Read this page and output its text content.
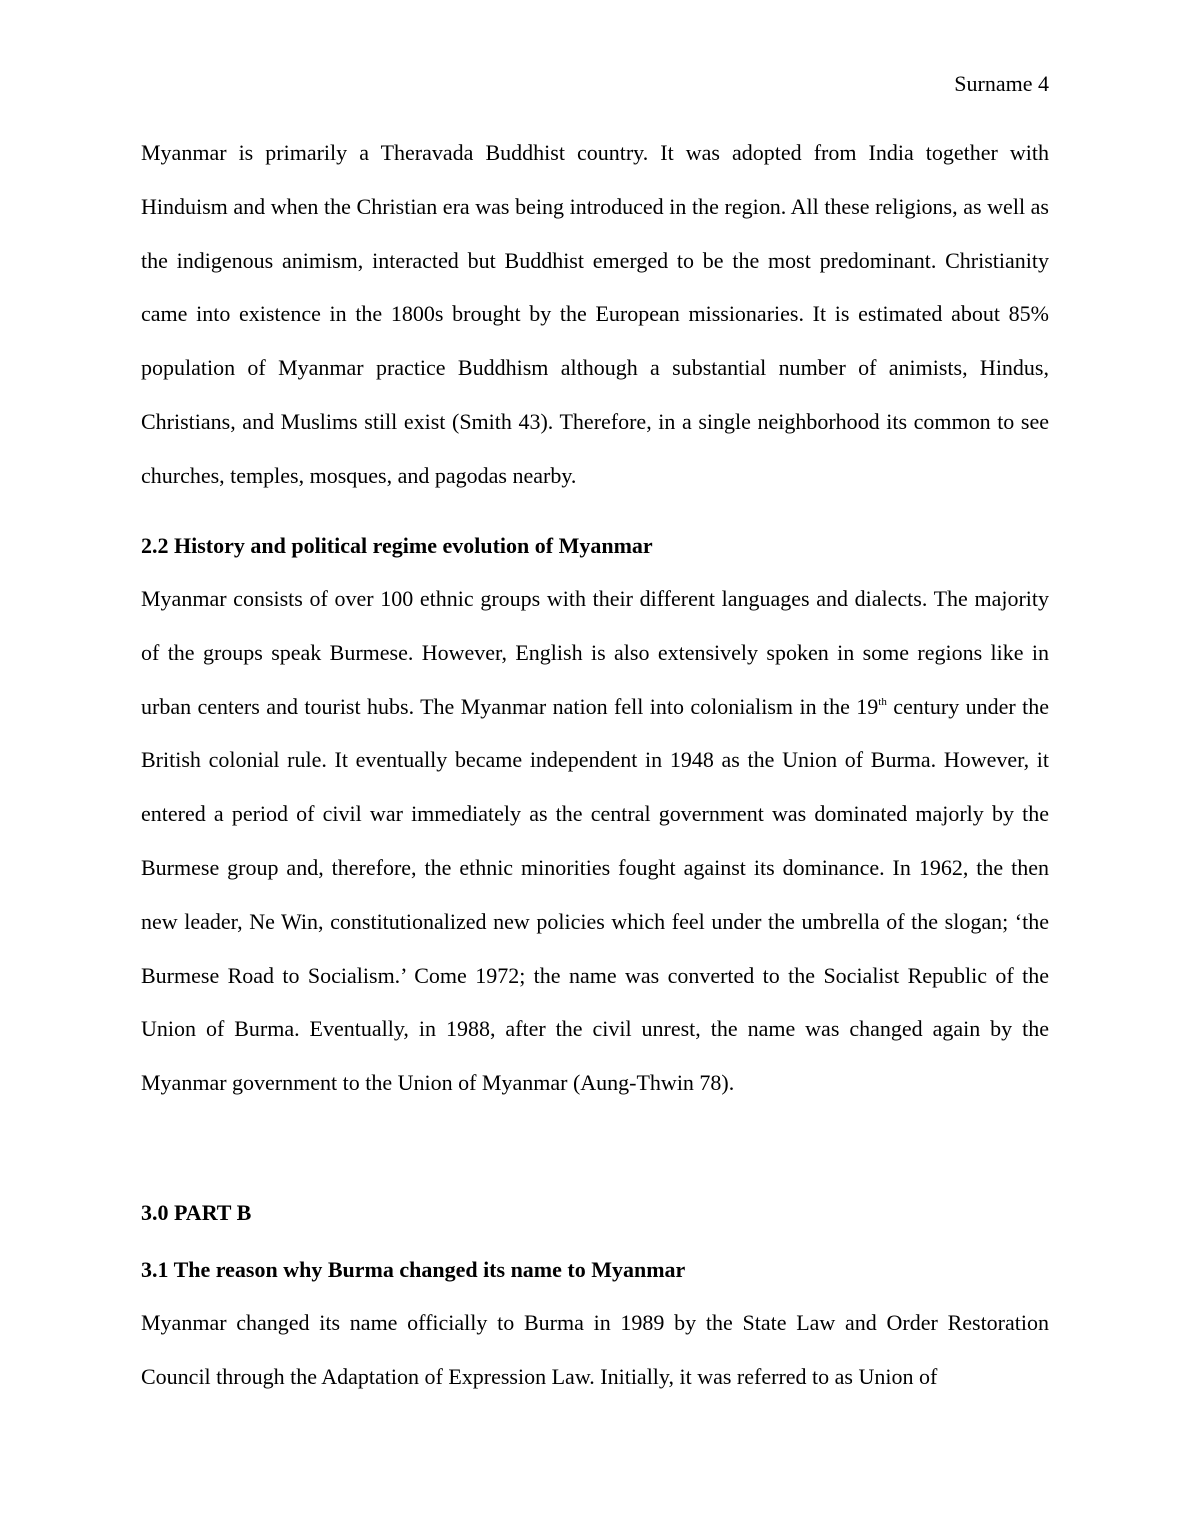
Surname 4

Myanmar is primarily a Theravada Buddhist country. It was adopted from India together with Hinduism and when the Christian era was being introduced in the region. All these religions, as well as the indigenous animism, interacted but Buddhist emerged to be the most predominant. Christianity came into existence in the 1800s brought by the European missionaries. It is estimated about 85% population of Myanmar practice Buddhism although a substantial number of animists, Hindus, Christians, and Muslims still exist (Smith 43). Therefore, in a single neighborhood its common to see churches, temples, mosques, and pagodas nearby.

2.2 History and political regime evolution of Myanmar

Myanmar consists of over 100 ethnic groups with their different languages and dialects. The majority of the groups speak Burmese. However, English is also extensively spoken in some regions like in urban centers and tourist hubs. The Myanmar nation fell into colonialism in the 19th century under the British colonial rule. It eventually became independent in 1948 as the Union of Burma. However, it entered a period of civil war immediately as the central government was dominated majorly by the Burmese group and, therefore, the ethnic minorities fought against its dominance. In 1962, the then new leader, Ne Win, constitutionalized new policies which feel under the umbrella of the slogan; ‘the Burmese Road to Socialism.’ Come 1972; the name was converted to the Socialist Republic of the Union of Burma. Eventually, in 1988, after the civil unrest, the name was changed again by the Myanmar government to the Union of Myanmar (Aung-Thwin 78).

3.0 PART B
3.1 The reason why Burma changed its name to Myanmar

Myanmar changed its name officially to Burma in 1989 by the State Law and Order Restoration Council through the Adaptation of Expression Law. Initially, it was referred to as Union of
